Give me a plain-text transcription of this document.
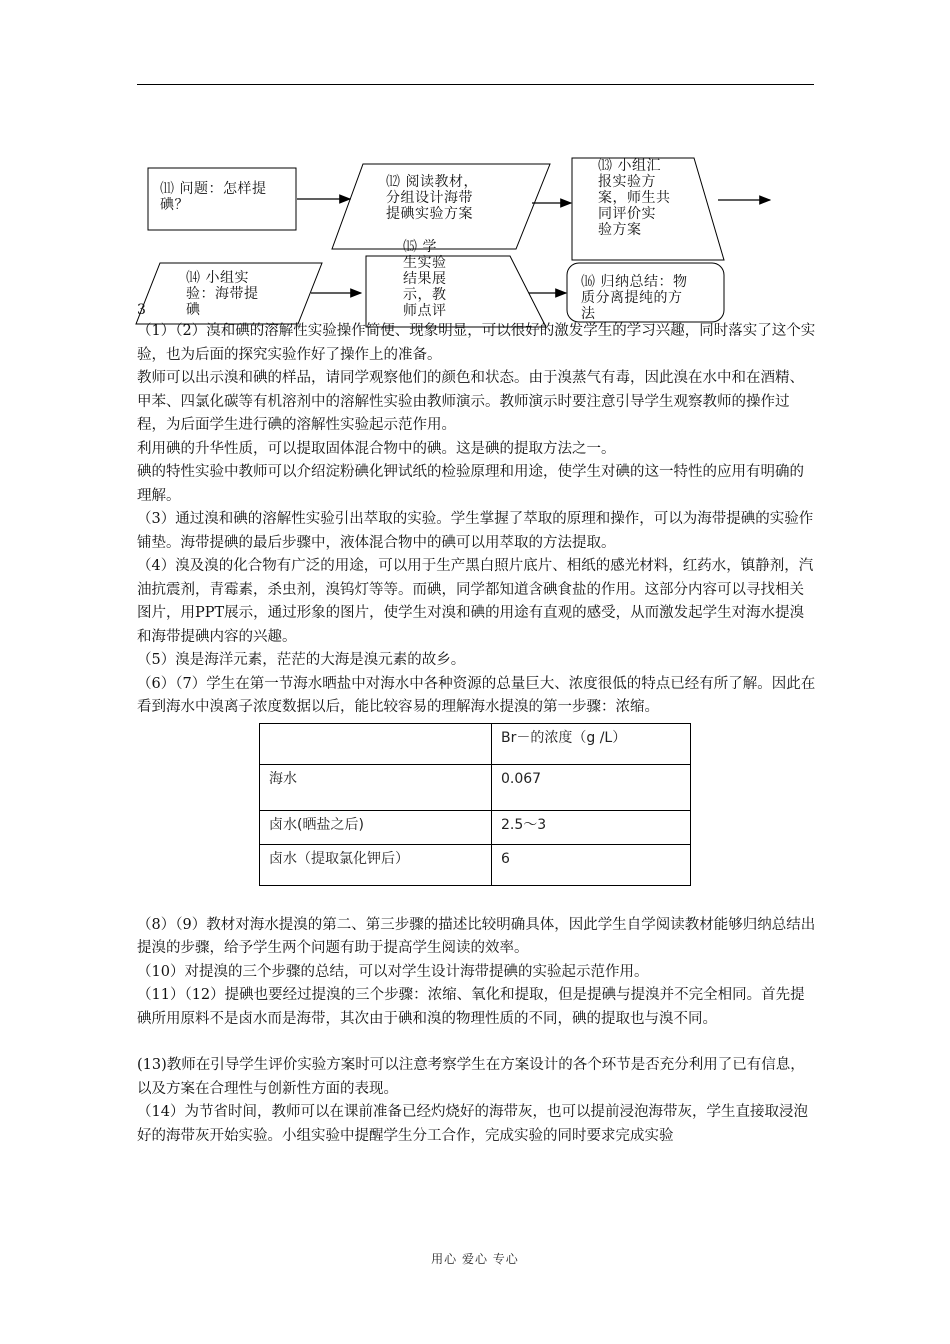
⑾ 问题：怎样提
碘？
⑿ 阅读教材，
分组设计海带
提碘实验方案
⒀ 小组汇
报实验方
案，师生共
同评价实
验方案
⒁ 小组实
验：海带提
碘
⒂ 学
生实验
结果展
示，教
师点评
⒃ 归纳总结：物
质分离提纯的方
法
3

（1）（2）溴和碘的溶解性实验操作简便、现象明显，可以很好的激发学生的学习兴趣，同时落实了这个实验，也为后面的探究实验作好了操作上的准备。

教师可以出示溴和碘的样品，请同学观察他们的颜色和状态。由于溴蒸气有毒，因此溴在水中和在酒精、甲苯、四氯化碳等有机溶剂中的溶解性实验由教师演示。教师演示时要注意引导学生观察教师的操作过程，为后面学生进行碘的溶解性实验起示范作用。

利用碘的升华性质，可以提取固体混合物中的碘。这是碘的提取方法之一。

碘的特性实验中教师可以介绍淀粉碘化钾试纸的检验原理和用途，使学生对碘的这一特性的应用有明确的理解。

（3）通过溴和碘的溶解性实验引出萃取的实验。学生掌握了萃取的原理和操作，可以为海带提碘的实验作铺垫。海带提碘的最后步骤中，液体混合物中的碘可以用萃取的方法提取。

（4）溴及溴的化合物有广泛的用途，可以用于生产黑白照片底片、相纸的感光材料，红药水，镇静剂，汽油抗震剂，青霉素，杀虫剂，溴钨灯等等。而碘，同学都知道含碘食盐的作用。这部分内容可以寻找相关图片，用PPT展示，通过形象的图片，使学生对溴和碘的用途有直观的感受，从而激发起学生对海水提溴和海带提碘内容的兴趣。

（5）溴是海洋元素，茫茫的大海是溴元素的故乡。

（6）（7）学生在第一节海水晒盐中对海水中各种资源的总量巨大、浓度很低的特点已经有所了解。因此在看到海水中溴离子浓度数据以后，能比较容易的理解海水提溴的第一步骤：浓缩。

	Br－的浓度（g /L）
海水	0.067
卤水(晒盐之后)	2.5～3
卤水（提取氯化钾后）	6

（8）（9）教材对海水提溴的第二、第三步骤的描述比较明确具体，因此学生自学阅读教材能够归纳总结出提溴的步骤，给予学生两个问题有助于提高学生阅读的效率。

（10）对提溴的三个步骤的总结，可以对学生设计海带提碘的实验起示范作用。

（11）（12）提碘也要经过提溴的三个步骤：浓缩、氧化和提取，但是提碘与提溴并不完全相同。首先提碘所用原料不是卤水而是海带，其次由于碘和溴的物理性质的不同，碘的提取也与溴不同。

(13)教师在引导学生评价实验方案时可以注意考察学生在方案设计的各个环节是否充分利用了已有信息，以及方案在合理性与创新性方面的表现。

（14）为节省时间，教师可以在课前准备已经灼烧好的海带灰，也可以提前浸泡海带灰，学生直接取浸泡好的海带灰开始实验。小组实验中提醒学生分工合作，完成实验的同时要求完成实验

用心 爱心 专心
